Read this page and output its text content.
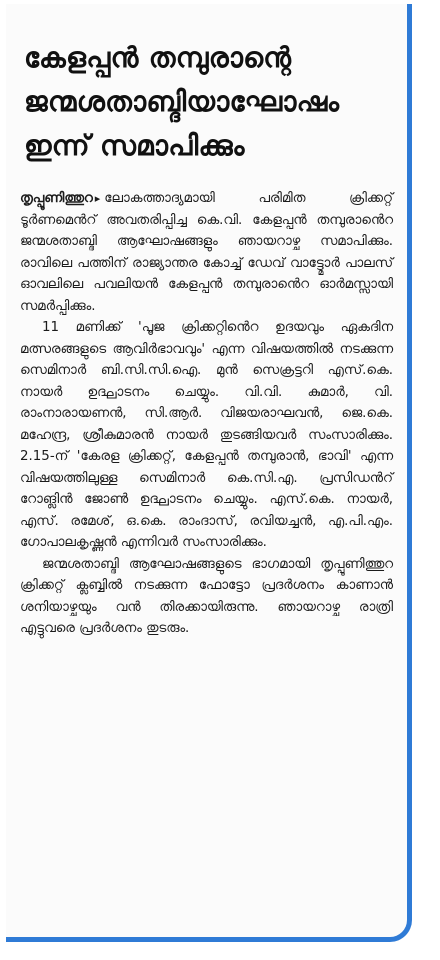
കേളപ്പൻ തമ്പുരാന്റെ
ജന്മശതാബ്ദിയാഘോഷം
ഇന്ന് സമാപിക്കും

തൃപ്പൂണിത്തുറ ▸ ലോകത്താദ്യമായി പരിമിത ക്രിക്കറ്റ് ടൂർണമെൻറ് അവതരിപ്പിച്ച കെ.വി. കേളപ്പൻ തമ്പുരാൻെറ ജന്മശതാബ്ദി ആഘോഷങ്ങളും ഞായറാഴ്ച സമാപിക്കും. രാവിലെ പത്തിന് രാജ്യാന്തര കോച്ച് ഡേവ് വാട്ട്മോർ പാലസ് ഓവലിലെ പവലിയൻ കേളപ്പൻ തമ്പുരാൻെറ ഓർമസ്സായി സമർപ്പിക്കും.

11 മണിക്ക് 'പൂജ ക്രിക്കറ്റിൻെറ ഉദയവും ഏകദിന മത്സരങ്ങളുടെ ആവിർഭാവവും' എന്ന വിഷയത്തിൽ നടക്കുന്ന സെമിനാർ ബി.സി.സി.ഐ. മുൻ സെക്രട്ടറി എസ്.കെ. നായർ ഉദ്ഘാടനം ചെയ്യും. വി.വി. കുമാർ, വി. രാംനാരായണൻ, സി.ആർ. വിജയരാഘവൻ, ജെ.കെ. മഹേന്ദ്ര, ശ്രീകുമാരൻ നായർ തുടങ്ങിയവർ സംസാരിക്കും. 2.15-ന് 'കേരള ക്രിക്കറ്റ്, കേളപ്പൻ തമ്പുരാൻ, ഭാവി' എന്ന വിഷയത്തിലുള്ള സെമിനാർ കെ.സി.എ. പ്രസിഡൻറ് റോങ്ലിൻ ജോൺ ഉദ്ഘാടനം ചെയ്യും. എസ്.കെ. നായർ, എസ്. രമേശ്, ഒ.കെ. രാംദാസ്, രവിയച്ചൻ, എ.പി.എം. ഗോപാലകൃഷ്ണൻ എന്നിവർ സംസാരിക്കും.

ജന്മശതാബ്ദി ആഘോഷങ്ങളുടെ ഭാഗമായി തൃപ്പൂണിത്തുറ ക്രിക്കറ്റ് ക്ലബ്ബിൽ നടക്കുന്ന ഫോട്ടോ പ്രദർശനം കാണാൻ ശനിയാഴ്ചയും വൻ തിരക്കായിരുന്നു. ഞായറാഴ്ച രാത്രി എട്ടുവരെ പ്രദർശനം തുടരും.
